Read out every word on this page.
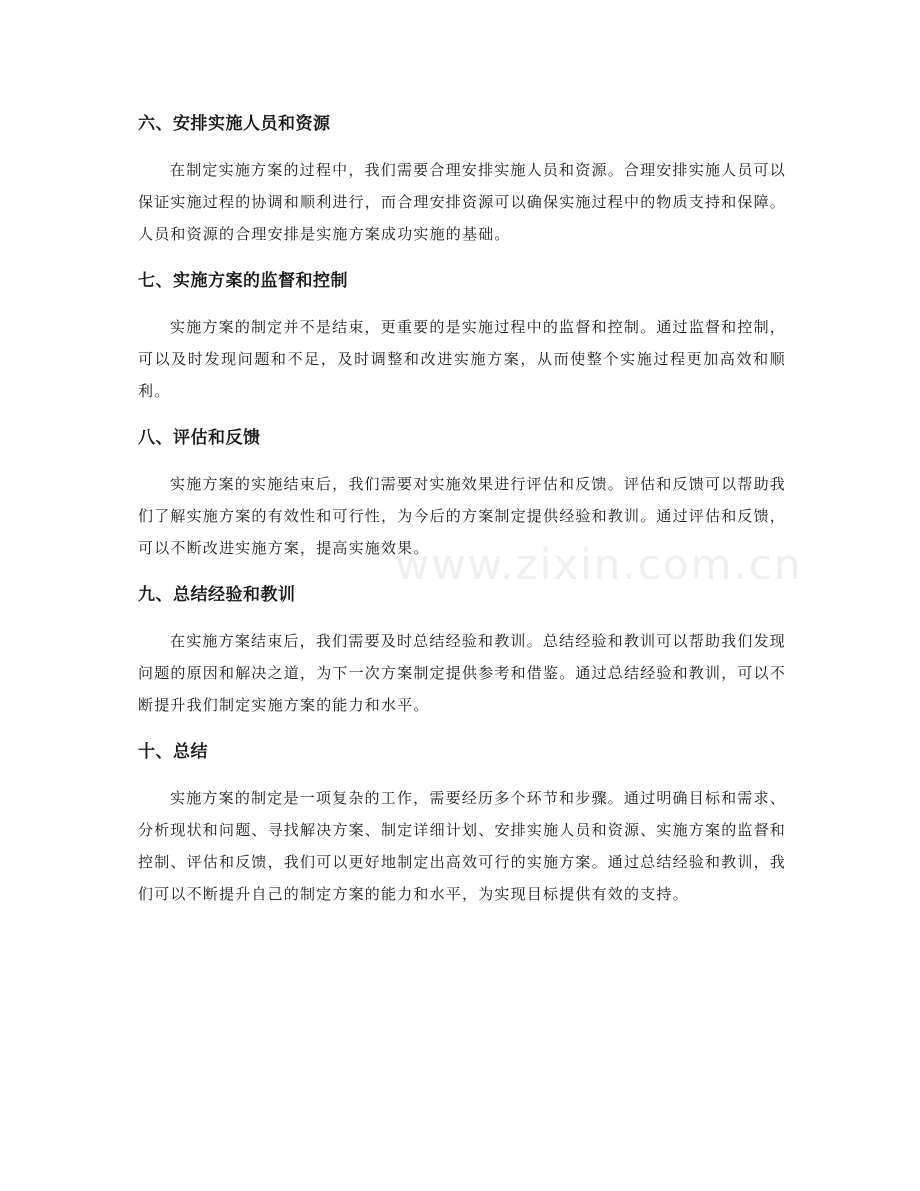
www.zixin.com.cn
六、安排实施人员和资源

在制定实施方案的过程中，我们需要合理安排实施人员和资源。合理安排实施人员可以保证实施过程的协调和顺利进行，而合理安排资源可以确保实施过程中的物质支持和保障。人员和资源的合理安排是实施方案成功实施的基础。

七、实施方案的监督和控制

实施方案的制定并不是结束，更重要的是实施过程中的监督和控制。通过监督和控制，可以及时发现问题和不足，及时调整和改进实施方案，从而使整个实施过程更加高效和顺利。

八、评估和反馈

实施方案的实施结束后，我们需要对实施效果进行评估和反馈。评估和反馈可以帮助我们了解实施方案的有效性和可行性，为今后的方案制定提供经验和教训。通过评估和反馈，可以不断改进实施方案，提高实施效果。

九、总结经验和教训

在实施方案结束后，我们需要及时总结经验和教训。总结经验和教训可以帮助我们发现问题的原因和解决之道，为下一次方案制定提供参考和借鉴。通过总结经验和教训，可以不断提升我们制定实施方案的能力和水平。

十、总结

实施方案的制定是一项复杂的工作，需要经历多个环节和步骤。通过明确目标和需求、分析现状和问题、寻找解决方案、制定详细计划、安排实施人员和资源、实施方案的监督和控制、评估和反馈，我们可以更好地制定出高效可行的实施方案。通过总结经验和教训，我们可以不断提升自己的制定方案的能力和水平，为实现目标提供有效的支持。
